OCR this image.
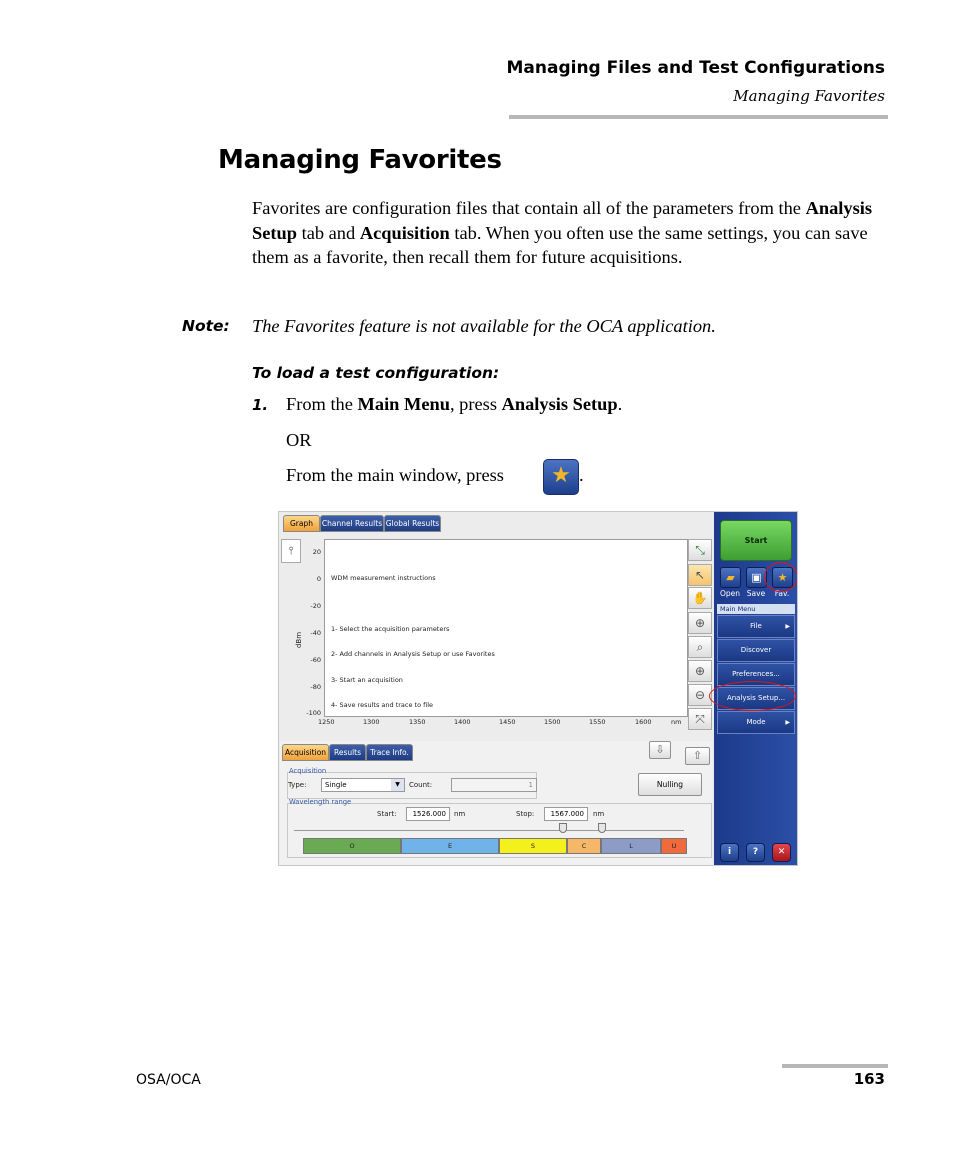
Managing Files and Test Configurations
Managing Favorites
Managing Favorites
Favorites are configuration files that contain all of the parameters from the Analysis Setup tab and Acquisition tab. When you often use the same settings, you can save them as a favorite, then recall them for future acquisitions.
Note: The Favorites feature is not available for the OCA application.
To load a test configuration:
1. From the Main Menu, press Analysis Setup.
OR
From the main window, press	★ .
Graph	Channel Results Global Results
⫯
dBm
20
0
-20
-40
-60
-80
-100

WDM measurement instructions

1- Select the acquisition parameters

2- Add channels in Analysis Setup or use Favorites

3- Start an acquisition

4- Save results and trace to file

1250	1300	1350	1400	1450	1500	1550	1600	nm
⤡
↖
✋
⊕
⌕
⊕
⊖
⤧
Start
▰	▣	★
Open Save	Fav.
Main Menu
File	▶
Discover
Preferences...
Analysis Setup...
Mode	▶
i	?	✕
Acquisition	Results	Trace Info.	⇩	⇧
Acquisition
Type:	Single	▼	Count:	1	Nulling
Wavelength range
Start:	1526.000	nm	Stop:	1567.000	nm
O	E	S	C	L	U
OSA/OCA	163
